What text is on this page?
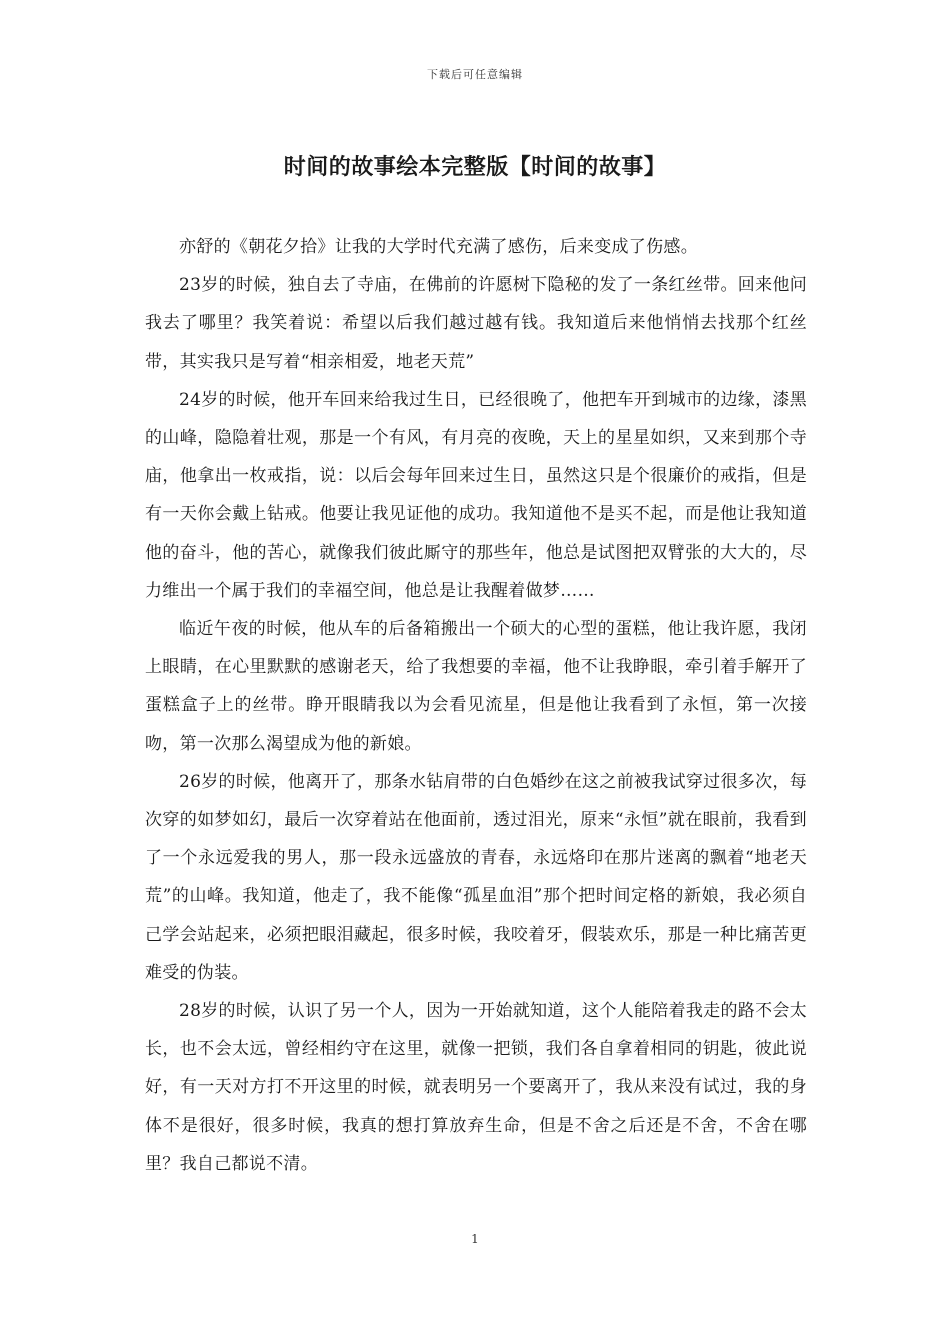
下载后可任意编辑
时间的故事绘本完整版【时间的故事】

亦舒的《朝花夕拾》让我的大学时代充满了感伤，后来变成了伤感。

23岁的时候，独自去了寺庙，在佛前的许愿树下隐秘的发了一条红丝带。回来他问我去了哪里？我笑着说：希望以后我们越过越有钱。我知道后来他悄悄去找那个红丝带，其实我只是写着“相亲相爱，地老天荒”

24岁的时候，他开车回来给我过生日，已经很晚了，他把车开到城市的边缘，漆黑的山峰，隐隐着壮观，那是一个有风，有月亮的夜晚，天上的星星如织，又来到那个寺庙，他拿出一枚戒指，说：以后会每年回来过生日，虽然这只是个很廉价的戒指，但是有一天你会戴上钻戒。他要让我见证他的成功。我知道他不是买不起，而是他让我知道他的奋斗，他的苦心，就像我们彼此厮守的那些年，他总是试图把双臂张的大大的，尽力维出一个属于我们的幸福空间，他总是让我醒着做梦……

临近午夜的时候，他从车的后备箱搬出一个硕大的心型的蛋糕，他让我许愿，我闭上眼睛，在心里默默的感谢老天，给了我想要的幸福，他不让我睁眼，牵引着手解开了蛋糕盒子上的丝带。睁开眼睛我以为会看见流星，但是他让我看到了永恒，第一次接吻，第一次那么渴望成为他的新娘。

26岁的时候，他离开了，那条水钻肩带的白色婚纱在这之前被我试穿过很多次，每次穿的如梦如幻，最后一次穿着站在他面前，透过泪光，原来“永恒”就在眼前，我看到了一个永远爱我的男人，那一段永远盛放的青春，永远烙印在那片迷离的飘着“地老天荒”的山峰。我知道，他走了，我不能像“孤星血泪”那个把时间定格的新娘，我必须自己学会站起来，必须把眼泪藏起，很多时候，我咬着牙，假装欢乐，那是一种比痛苦更难受的伪装。

28岁的时候，认识了另一个人，因为一开始就知道，这个人能陪着我走的路不会太长，也不会太远，曾经相约守在这里，就像一把锁，我们各自拿着相同的钥匙，彼此说好，有一天对方打不开这里的时候，就表明另一个要离开了，我从来没有试过，我的身体不是很好，很多时候，我真的想打算放弃生命，但是不舍之后还是不舍，不舍在哪里？我自己都说不清。

1
